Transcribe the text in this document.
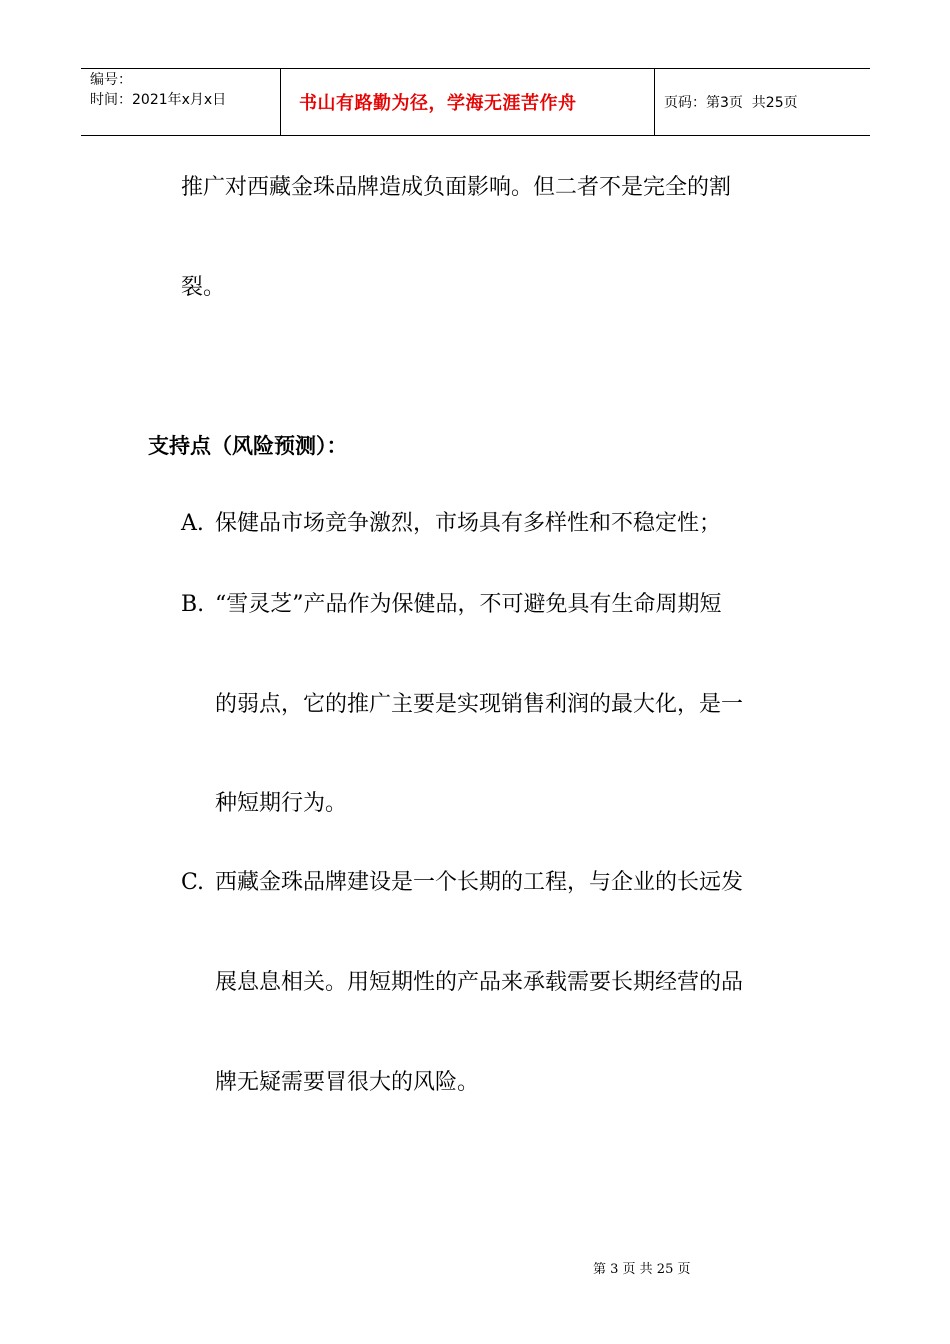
编号：
时间：2021年x月x日	书山有路勤为径，学海无涯苦作舟	页码：第3页  共25页
推广对西藏金珠品牌造成负面影响。但二者不是完全的割
裂。
支持点（风险预测）：
A. 保健品市场竞争激烈，市场具有多样性和不稳定性；
B. “雪灵芝”产品作为保健品，不可避免具有生命周期短
的弱点，它的推广主要是实现销售利润的最大化，是一
种短期行为。
C. 西藏金珠品牌建设是一个长期的工程，与企业的长远发
展息息相关。用短期性的产品来承载需要长期经营的品
牌无疑需要冒很大的风险。
第 3 页 共 25 页
